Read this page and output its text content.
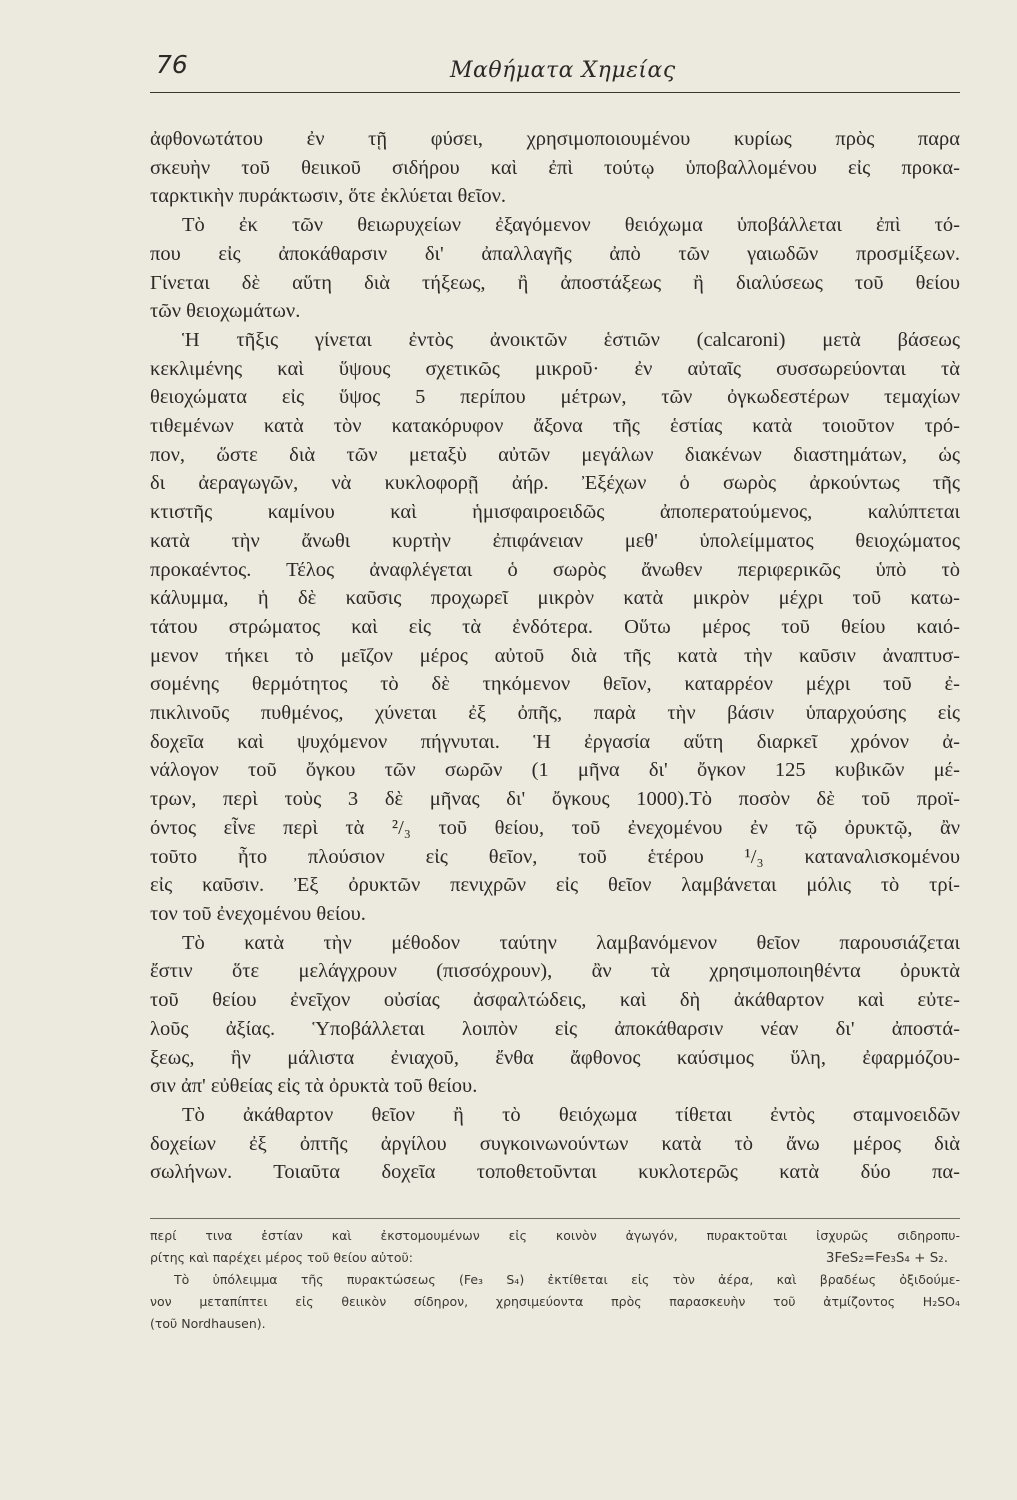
76	Μαθήματα Χημείας
ἀφθονωτάτου ἐν τῇ φύσει, χρησιμοποιουμένου κυρίως πρὸς παρα
σκευὴν τοῦ θειικοῦ σιδήρου καὶ ἐπὶ τούτῳ ὑποβαλλομένου εἰς προκα-
ταρκτικὴν πυράκτωσιν, ὅτε ἐκλύεται θεῖον.
Τὸ ἐκ τῶν θειωρυχείων ἐξαγόμενον θειόχωμα ὑποβάλλεται ἐπὶ τό-
που εἰς ἀποκάθαρσιν δι' ἀπαλλαγῆς ἀπὸ τῶν γαιωδῶν προσμίξεων.
Γίνεται δὲ αὕτη διὰ τήξεως, ἢ ἀποστάξεως ἢ διαλύσεως τοῦ θείου
τῶν θειοχωμάτων.
Ἡ τῆξις γίνεται ἐντὸς ἀνοικτῶν ἑστιῶν (calcaroni) μετὰ βάσεως
κεκλιμένης καὶ ὕψους σχετικῶς μικροῦ· ἐν αὐταῖς συσσωρεύονται τὰ
θειοχώματα εἰς ὕψος 5 περίπου μέτρων, τῶν ὀγκωδεστέρων τεμαχίων
τιθεμένων κατὰ τὸν κατακόρυφον ἄξονα τῆς ἑστίας κατὰ τοιοῦτον τρό-
πον, ὥστε διὰ τῶν μεταξὺ αὐτῶν μεγάλων διακένων διαστημάτων, ὡς
δι ἀεραγωγῶν, νὰ κυκλοφορῇ ἀήρ. Ἐξέχων ὁ σωρὸς ἀρκούντως τῆς
κτιστῆς καμίνου καὶ ἡμισφαιροειδῶς ἀποπερατούμενος, καλύπτεται
κατὰ τὴν ἄνωθι κυρτὴν ἐπιφάνειαν μεθ' ὑπολείμματος θειοχώματος
προκαέντος. Τέλος ἀναφλέγεται ὁ σωρὸς ἄνωθεν περιφερικῶς ὑπὸ τὸ
κάλυμμα, ἡ δὲ καῦσις προχωρεῖ μικρὸν κατὰ μικρὸν μέχρι τοῦ κατω-
τάτου στρώματος καὶ εἰς τὰ ἐνδότερα. Οὕτω μέρος τοῦ θείου καιό-
μενον τήκει τὸ μεῖζον μέρος αὐτοῦ διὰ τῆς κατὰ τὴν καῦσιν ἀναπτυσ-
σομένης θερμότητος τὸ δὲ τηκόμενον θεῖον, καταρρέον μέχρι τοῦ ἐ-
πικλινοῦς πυθμένος, χύνεται ἐξ ὀπῆς, παρὰ τὴν βάσιν ὑπαρχούσης εἰς
δοχεῖα καὶ ψυχόμενον πήγνυται. Ἡ ἐργασία αὕτη διαρκεῖ χρόνον ἀ-
νάλογον τοῦ ὄγκου τῶν σωρῶν (1 μῆνα δι' ὄγκον 125 κυβικῶν μέ-
τρων, περὶ τοὺς 3 δὲ μῆνας δι' ὄγκους 1000).Τὸ ποσὸν δὲ τοῦ προϊ-
όντος εἶνε περὶ τὰ ²/₃ τοῦ θείου, τοῦ ἐνεχομένου ἐν τῷ ὀρυκτῷ, ἂν
τοῦτο ἦτο πλούσιον εἰς θεῖον, τοῦ ἑτέρου ¹/₃ καταναλισκομένου
εἰς καῦσιν. Ἐξ ὀρυκτῶν πενιχρῶν εἰς θεῖον λαμβάνεται μόλις τὸ τρί-
τον τοῦ ἐνεχομένου θείου.
Τὸ κατὰ τὴν μέθοδον ταύτην λαμβανόμενον θεῖον παρουσιάζεται
ἔστιν ὅτε μελάγχρουν (πισσόχρουν), ἂν τὰ χρησιμοποιηθέντα ὀρυκτὰ
τοῦ θείου ἐνεῖχον οὐσίας ἀσφαλτώδεις, καὶ δὴ ἀκάθαρτον καὶ εὐτε-
λοῦς ἀξίας. Ὑποβάλλεται λοιπὸν εἰς ἀποκάθαρσιν νέαν δι' ἀποστά-
ξεως, ἣν μάλιστα ἐνιαχοῦ, ἔνθα ἄφθονος καύσιμος ὕλη, ἐφαρμόζου-
σιν ἀπ' εὐθείας εἰς τὰ ὀρυκτὰ τοῦ θείου.
Τὸ ἀκάθαρτον θεῖον ἢ τὸ θειόχωμα τίθεται ἐντὸς σταμνοειδῶν
δοχείων ἐξ ὀπτῆς ἀργίλου συγκοινωνούντων κατὰ τὸ ἄνω μέρος διὰ
σωλήνων. Τοιαῦτα δοχεῖα τοποθετοῦνται κυκλοτερῶς κατὰ δύο πα-
περί τινα ἑστίαν καὶ ἐκστομουμένων εἰς κοινὸν ἀγωγόν, πυρακτοῦται ἰσχυρῶς σιδηροπυ-
3FeS₂=Fe₃S₄ + S₂.
ρίτης καὶ παρέχει μέρος τοῦ θείου αὐτοῦ:
Τὸ ὑπόλειμμα τῆς πυρακτώσεως (Fe₃ S₄) ἐκτίθεται εἰς τὸν ἀέρα, καὶ βραδέως ὀξιδούμε-
νον μεταπίπτει εἰς θειικὸν σίδηρον, χρησιμεύοντα πρὸς παρασκευὴν τοῦ ἀτμίζοντος H₂SO₄
(τοῦ Nordhausen).
